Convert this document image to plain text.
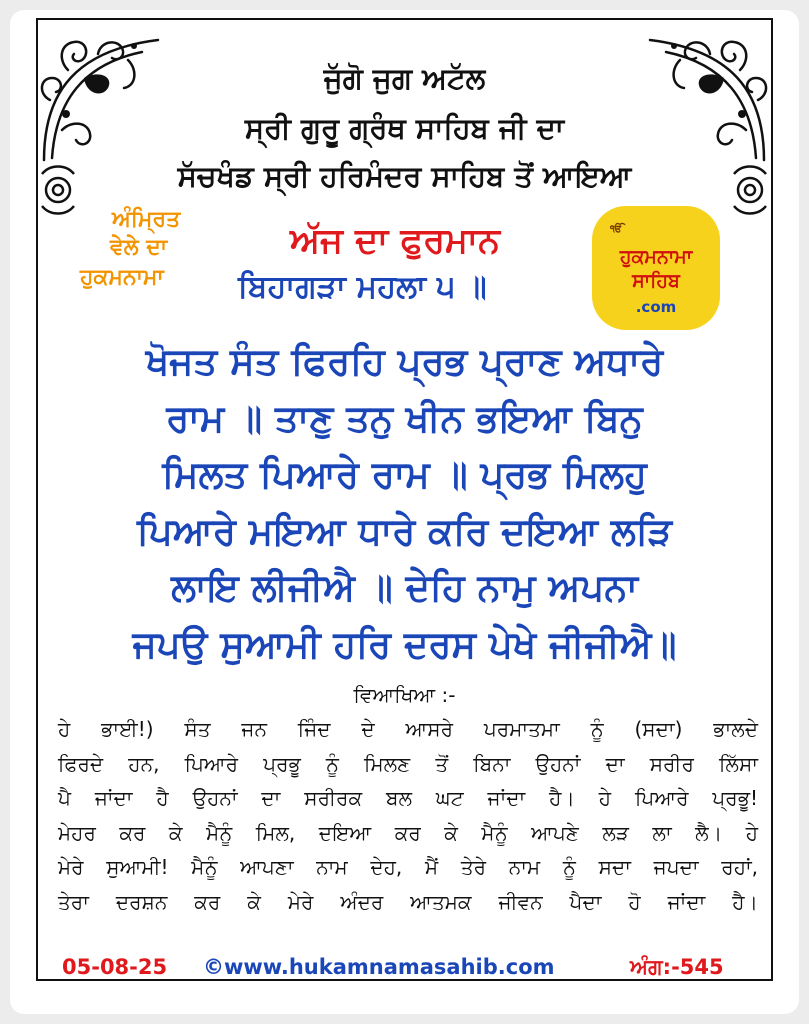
ਜੁੱਗੋ ਜੁਗ ਅਟੱਲ
ਸ੍ਰੀ ਗੁਰੂ ਗ੍ਰੰਥ ਸਾਹਿਬ ਜੀ ਦਾ
ਸੱਚਖੰਡ ਸ੍ਰੀ ਹਰਿਮੰਦਰ ਸਾਹਿਬ ਤੋਂ ਆਇਆ
ਅੰਮ੍ਰਿਤ
ਵੇਲੇ ਦਾ
ਹੁਕਮਨਾਮਾ
ਅੱਜ ਦਾ ਫੁਰਮਾਨ
ਬਿਹਾਗੜਾ ਮਹਲਾ ੫ ॥
ੴ
ਹੁਕਮਨਾਮਾ
ਸਾਹਿਬ
.com
ਖੋਜਤ ਸੰਤ ਫਿਰਹਿ ਪ੍ਰਭ ਪ੍ਰਾਣ ਅਧਾਰੇ
ਰਾਮ ॥ ਤਾਣੁ ਤਨੁ ਖੀਨ ਭਇਆ ਬਿਨੁ
ਮਿਲਤ ਪਿਆਰੇ ਰਾਮ ॥ ਪ੍ਰਭ ਮਿਲਹੁ
ਪਿਆਰੇ ਮਇਆ ਧਾਰੇ ਕਰਿ ਦਇਆ ਲੜਿ
ਲਾਇ ਲੀਜੀਐ ॥ ਦੇਹਿ ਨਾਮੁ ਅਪਨਾ
ਜਪਉ ਸੁਆਮੀ ਹਰਿ ਦਰਸ ਪੇਖੇ ਜੀਜੀਐ॥
ਵਿਆਖਿਆ :-
ਹੇ ਭਾਈ!) ਸੰਤ ਜਨ ਜਿੰਦ ਦੇ ਆਸਰੇ ਪਰਮਾਤਮਾ ਨੂੰ (ਸਦਾ) ਭਾਲਦੇ
ਫਿਰਦੇ ਹਨ, ਪਿਆਰੇ ਪ੍ਰਭੂ ਨੂੰ ਮਿਲਣ ਤੋਂ ਬਿਨਾ ਉਹਨਾਂ ਦਾ ਸਰੀਰ ਲਿੱਸਾ
ਪੈ ਜਾਂਦਾ ਹੈ ਉਹਨਾਂ ਦਾ ਸਰੀਰਕ ਬਲ ਘਟ ਜਾਂਦਾ ਹੈ। ਹੇ ਪਿਆਰੇ ਪ੍ਰਭੂ!
ਮੇਹਰ ਕਰ ਕੇ ਮੈਨੂੰ ਮਿਲ, ਦਇਆ ਕਰ ਕੇ ਮੈਨੂੰ ਆਪਣੇ ਲੜ ਲਾ ਲੈ। ਹੇ
ਮੇਰੇ ਸੁਆਮੀ! ਮੈਨੂੰ ਆਪਣਾ ਨਾਮ ਦੇਹ, ਮੈਂ ਤੇਰੇ ਨਾਮ ਨੂੰ ਸਦਾ ਜਪਦਾ ਰਹਾਂ,
ਤੇਰਾ ਦਰਸ਼ਨ ਕਰ ਕੇ ਮੇਰੇ ਅੰਦਰ ਆਤਮਕ ਜੀਵਨ ਪੈਦਾ ਹੋ ਜਾਂਦਾ ਹੈ।
05-08-25 ©www.hukamnamasahib.com	ਅੰਗ:-545
